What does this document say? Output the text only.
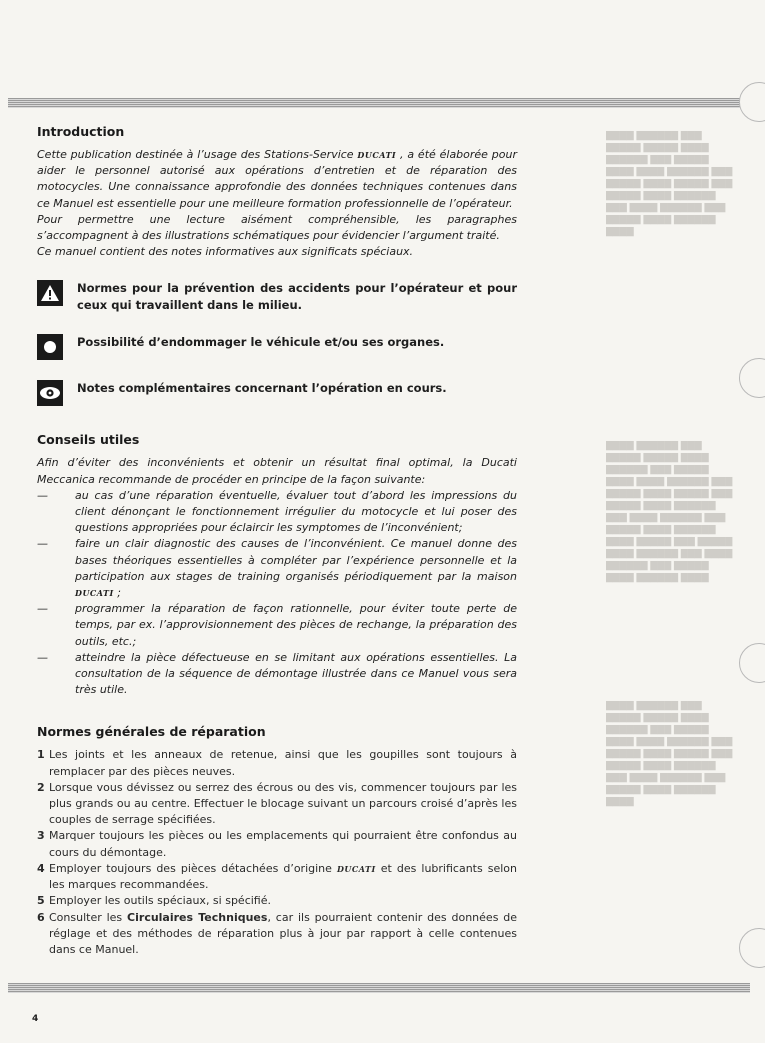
▇▇▇▇ ▇▇▇▇▇▇ ▇▇▇ ▇▇▇▇▇ ▇▇▇▇▇ ▇▇▇▇ ▇▇▇▇▇▇ ▇▇▇ ▇▇▇▇▇ ▇▇▇▇ ▇▇▇▇ ▇▇▇▇▇▇ ▇▇▇ ▇▇▇▇▇ ▇▇▇▇ ▇▇▇▇▇ ▇▇▇ ▇▇▇▇▇ ▇▇▇▇ ▇▇▇▇▇▇ ▇▇▇ ▇▇▇▇ ▇▇▇▇▇▇ ▇▇▇ ▇▇▇▇▇ ▇▇▇▇ ▇▇▇▇▇▇ ▇▇▇▇
▇▇▇▇ ▇▇▇▇▇▇ ▇▇▇ ▇▇▇▇▇ ▇▇▇▇▇ ▇▇▇▇ ▇▇▇▇▇▇ ▇▇▇ ▇▇▇▇▇ ▇▇▇▇ ▇▇▇▇ ▇▇▇▇▇▇ ▇▇▇ ▇▇▇▇▇ ▇▇▇▇ ▇▇▇▇▇ ▇▇▇ ▇▇▇▇▇ ▇▇▇▇ ▇▇▇▇▇▇ ▇▇▇ ▇▇▇▇ ▇▇▇▇▇▇ ▇▇▇ ▇▇▇▇▇ ▇▇▇▇ ▇▇▇▇▇▇ ▇▇▇▇ ▇▇▇▇▇ ▇▇▇ ▇▇▇▇▇ ▇▇▇▇ ▇▇▇▇▇▇ ▇▇▇ ▇▇▇▇ ▇▇▇▇▇▇ ▇▇▇ ▇▇▇▇▇ ▇▇▇▇ ▇▇▇▇▇▇ ▇▇▇▇
▇▇▇▇ ▇▇▇▇▇▇ ▇▇▇ ▇▇▇▇▇ ▇▇▇▇▇ ▇▇▇▇ ▇▇▇▇▇▇ ▇▇▇ ▇▇▇▇▇ ▇▇▇▇ ▇▇▇▇ ▇▇▇▇▇▇ ▇▇▇ ▇▇▇▇▇ ▇▇▇▇ ▇▇▇▇▇ ▇▇▇ ▇▇▇▇▇ ▇▇▇▇ ▇▇▇▇▇▇ ▇▇▇ ▇▇▇▇ ▇▇▇▇▇▇ ▇▇▇ ▇▇▇▇▇ ▇▇▇▇ ▇▇▇▇▇▇ ▇▇▇▇
Introduction

Cette publication destinée à l’usage des Stations-Service DUCATI , a été élaborée pour aider le personnel autorisé aux opérations d’entretien et de réparation des motocycles. Une connaissance approfondie des données techniques contenues dans ce Manuel est essentielle pour une meilleure formation professionnelle de l’opérateur.

Pour permettre une lecture aisément compréhensible, les paragraphes s’accompagnent à des illustrations schématiques pour évidencier l’argument traité.

Ce manuel contient des notes informatives aux significats spéciaux.

Normes pour la prévention des accidents pour l’opérateur et pour ceux qui travaillent dans le milieu.
Possibilité d’endommager le véhicule et/ou ses organes.
Notes complémentaires concernant l’opération en cours.
Conseils utiles

Afin d’éviter des inconvénients et obtenir un résultat final optimal, la Ducati Meccanica recommande de procéder en principe de la façon suivante:

— au cas d’une réparation éventuelle, évaluer tout d’abord les impressions du client dénonçant le fonctionnement irrégulier du motocycle et lui poser des questions appropriées pour éclaircir les symptomes de l’inconvénient;
— faire un clair diagnostic des causes de l’inconvénient. Ce manuel donne des bases théoriques essentielles à compléter par l’expérience personnelle et la participation aux stages de training organisés périodiquement par la maison DUCATI ;
— programmer la réparation de façon rationnelle, pour éviter toute perte de temps, par ex. l’approvisionnement des pièces de rechange, la préparation des outils, etc.;
— atteindre la pièce défectueuse en se limitant aux opérations essentielles. La consultation de la séquence de démontage illustrée dans ce Manuel vous sera très utile.
Normes générales de réparation
1 Les joints et les anneaux de retenue, ainsi que les goupilles sont toujours à remplacer par des pièces neuves.
2 Lorsque vous dévissez ou serrez des écrous ou des vis, commencer toujours par les plus grands ou au centre. Effectuer le blocage suivant un parcours croisé d’après les couples de serrage spécifiées.
3 Marquer toujours les pièces ou les emplacements qui pourraient être confondus au cours du démontage.
4 Employer toujours des pièces détachées d’origine DUCATI et des lubrificants selon les marques recommandées.
5 Employer les outils spéciaux, si spécifié.
6 Consulter les Circulaires Techniques, car ils pourraient contenir des données de réglage et des méthodes de réparation plus à jour par rapport à celle contenues dans ce Manuel.
4
